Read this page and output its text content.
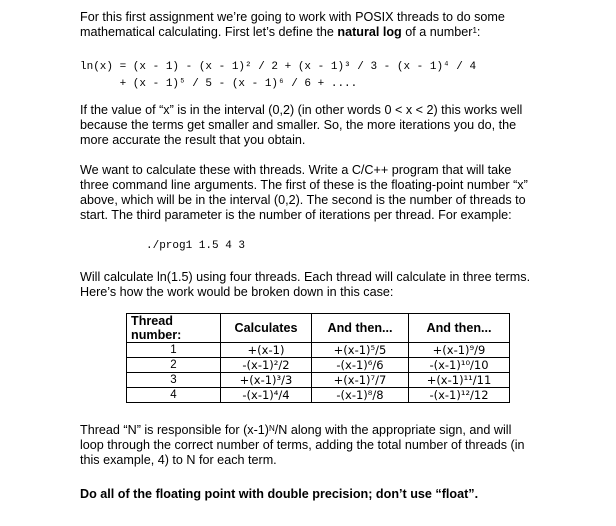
For this first assignment we’re going to work with POSIX threads to do some
mathematical calculating. First let’s define the natural log of a number$^1$:

If the value of “x” is in the interval (0,2) (in other words 0 < x < 2) this works well
because the terms get smaller and smaller. So, the more iterations you do, the
more accurate the result that you obtain.

We want to calculate these with threads. Write a C/C++ program that will take
three command line arguments. The first of these is the floating-point number “x”
above, which will be in the interval (0,2). The second is the number of threads to
start. The third parameter is the number of iterations per thread. For example:

Will calculate ln(1.5) using four threads. Each thread will calculate in three terms.
Here’s how the work would be broken down in this case:

Thread “N” is responsible for $(x-1)^N/N$ along with the appropriate sign, and will
loop through the correct number of terms, adding the total number of threads (in
this example, 4) to N for each term.

Do all of the floating point with double precision; don’t use “float”.

ln(x) = (x - 1) - (x - 1)² / 2 + (x - 1)³ / 3 - (x - 1)⁴ / 4
+ (x - 1)⁵ / 5 - (x - 1)⁶ / 6 + ....
./prog1 1.5 4 3
Thread
number:	Calculates	And then...	And then...
1	+(x-1)	+(x-1)⁵/5	+(x-1)⁹/9
2	-(x-1)²/2	-(x-1)⁶/6	-(x-1)¹⁰/10
3	+(x-1)³/3	+(x-1)⁷/7	+(x-1)¹¹/11
4	-(x-1)⁴/4	-(x-1)⁸/8	-(x-1)¹²/12
